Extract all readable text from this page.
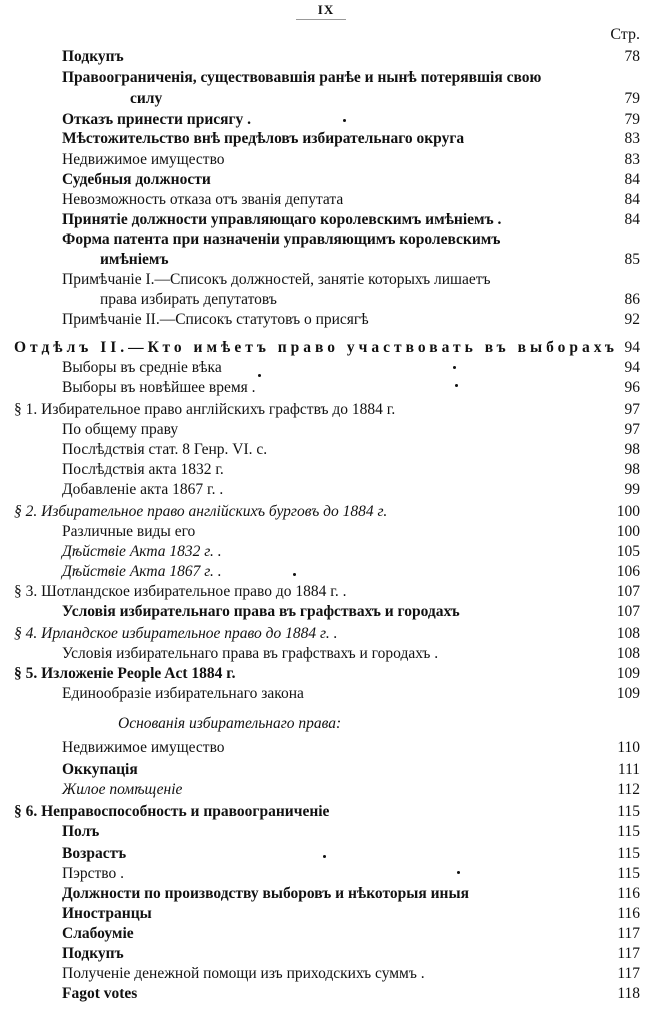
IX
Стр.
Подкупъ	78
Правоограниченія, существовавшія ранѣе и нынѣ потерявшія свою
силу	79
Отказъ принести присягу .	79
Мѣстожительство внѣ предѣловъ избирательнаго округа	83
Недвижимое имущество	83
Судебныя должности	84
Невозможность отказа отъ званія депутата	84
Принятіе должности управляющаго королевскимъ имѣніемъ .	84
Форма патента при назначеніи управляющимъ королевскимъ
имѣніемъ	85
Примѣчаніе I.—Списокъ должностей, занятіе которыхъ лишаетъ
права избирать депутатовъ	86
Примѣчаніе II.—Списокъ статутовъ о присягѣ	92
Отдѣлъ II.—Кто имѣетъ право участвовать въ выборахъ 94
Выборы въ средніе вѣка	94
Выборы въ новѣйшее время .	96
§ 1. Избирательное право англійскихъ графствъ до 1884 г.	97
По общему праву	97
Послѣдствія стат. 8 Генр. VI. с.	98
Послѣдствія акта 1832 г.	98
Добавленіе акта 1867 г. .	99
§ 2. Избирательное право англійскихъ бурговъ до 1884 г.	100
Различные виды его	100
Дѣйствіе Акта 1832 г. .	105
Дѣйствіе Акта 1867 г. .	106
§ 3. Шотландское избирательное право до 1884 г. .	107
Условія избирательнаго права въ графствахъ и городахъ	107
§ 4. Ирландское избирательное право до 1884 г. .	108
Условія избирательнаго права въ графствахъ и городахъ .	108
§ 5. Изложеніе People Act 1884 г.	109
Единообразіе избирательнаго закона	109
Основанія избирательнаго права:
Недвижимое имущество	110
Оккупація	111
Жилое помѣщеніе	112
§ 6. Неправоспособность и правоограниченіе	115
Полъ	115
Возрастъ	115
Пэрство .	115
Должности по производству выборовъ и нѣкоторыя иныя	116
Иностранцы	116
Слабоуміе	117
Подкупъ	117
Полученіе денежной помощи изъ приходскихъ суммъ .	117
Fagot votes	118
